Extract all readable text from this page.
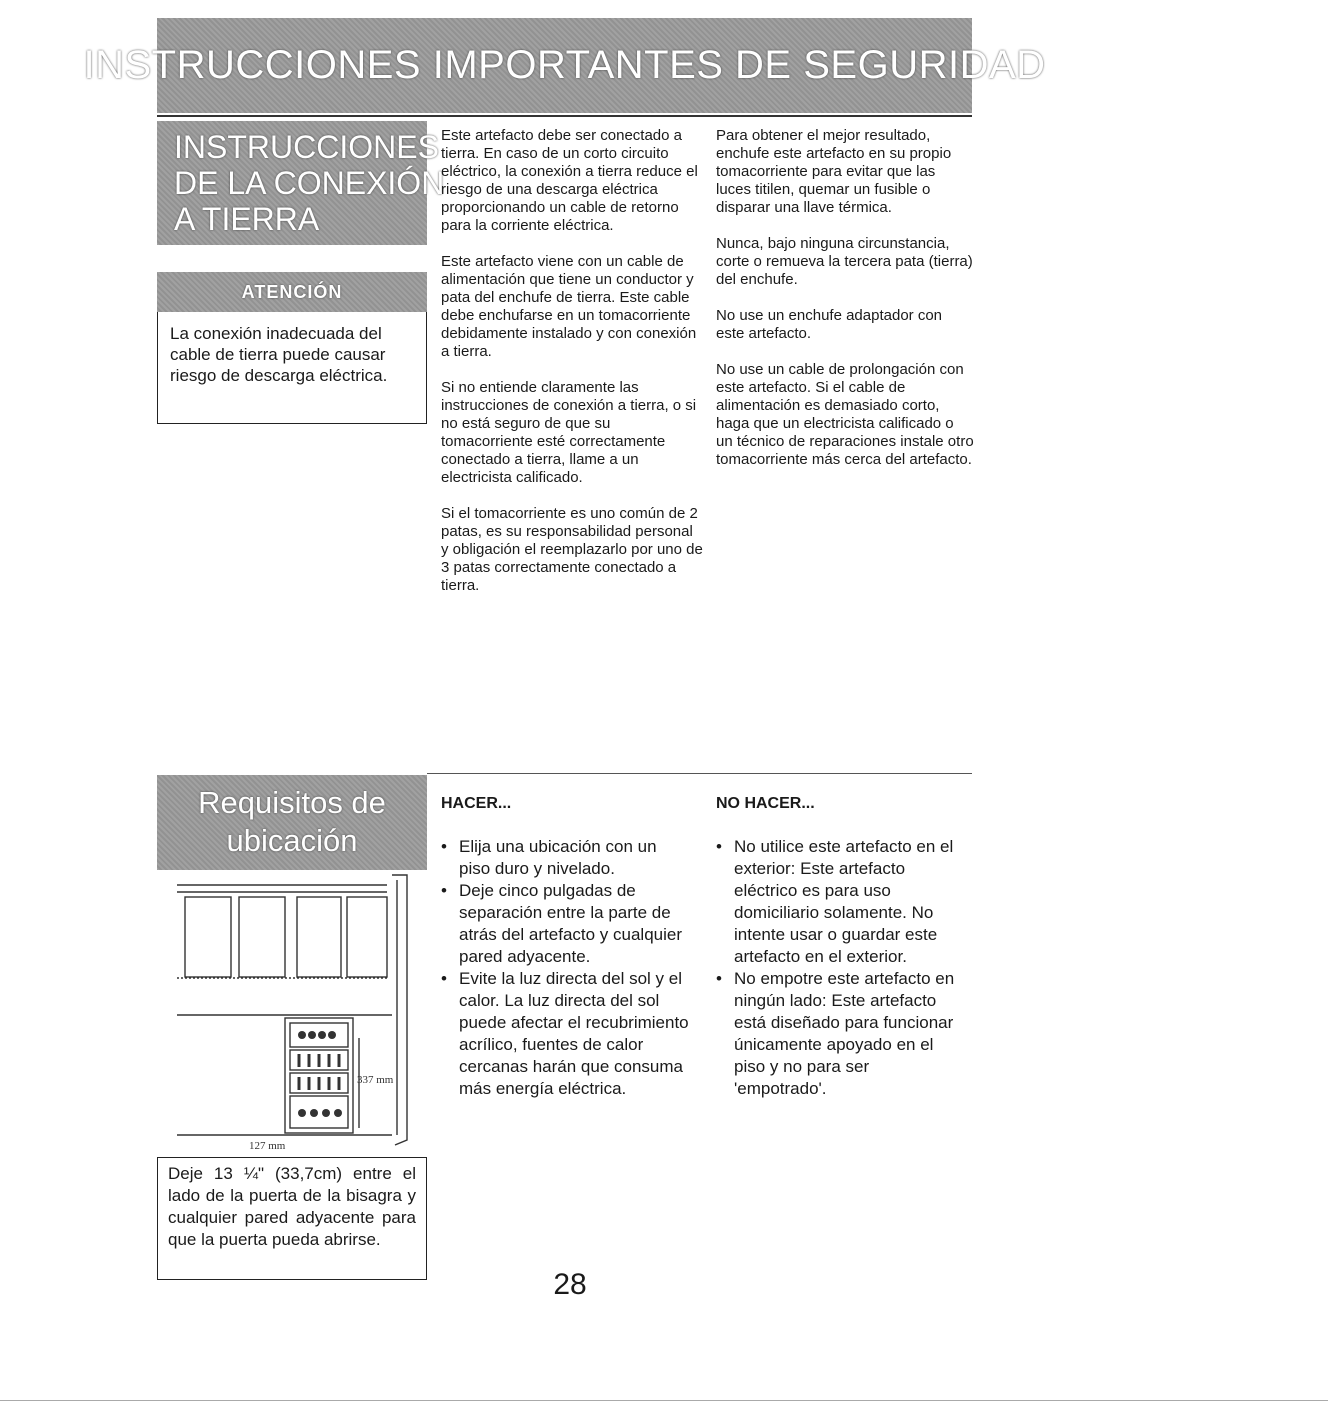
INSTRUCCIONES IMPORTANTES DE SEGURIDAD
INSTRUCCIONES
DE LA CONEXIÓN
A TIERRA
ATENCIÓN
La conexión inadecuada del cable de tierra puede causar riesgo de descarga eléctrica.

Este artefacto debe ser conectado a tierra. En caso de un corto circuito eléctrico, la conexión a tierra reduce el riesgo de una descarga eléctrica proporcionando un cable de retorno para la corriente eléctrica.

Este artefacto viene con un cable de alimentación que tiene un conductor y pata del enchufe de tierra. Este cable debe enchufarse en un tomacorriente debidamente instalado y con conexión a tierra.

Si no entiende claramente las instrucciones de conexión a tierra, o si no está seguro de que su tomacorriente esté correctamente conectado a tierra, llame a un electricista calificado.

Si el tomacorriente es uno común de 2 patas, es su responsabilidad personal y obligación el reemplazarlo por uno de 3 patas correctamente conectado a tierra.

Para obtener el mejor resultado, enchufe este artefacto en su propio tomacorriente para evitar que las luces titilen, quemar un fusible o disparar una llave térmica.

Nunca, bajo ninguna circunstancia, corte o remueva la tercera pata (tierra) del enchufe.

No use un enchufe adaptador con este artefacto.

No use un cable de prolongación con este artefacto. Si el cable de alimentación es demasiado corto, haga que un electricista calificado o un técnico de reparaciones instale otro tomacorriente más cerca del artefacto.

Requisitos de
ubicación
337 mm
127 mm
HACER...
• Elija una ubicación con un piso duro y nivelado.
• Deje cinco pulgadas de separación entre la parte de atrás del artefacto y cualquier pared adyacente.
• Evite la luz directa del sol y el calor. La luz directa del sol puede afectar el recubrimiento acrílico, fuentes de calor cercanas harán que consuma más energía eléctrica.
NO HACER...
• No utilice este artefacto en el exterior: Este artefacto eléctrico es para uso domiciliario solamente. No intente usar o guardar este artefacto en el exterior.
• No empotre este artefacto en ningún lado: Este artefacto está diseñado para funcionar únicamente apoyado en el piso y no para ser 'empotrado'.
Deje 13 ¼" (33,7cm) entre el lado de la puerta de la bisagra y cualquier pared adyacente para que la puerta pueda abrirse.
28
